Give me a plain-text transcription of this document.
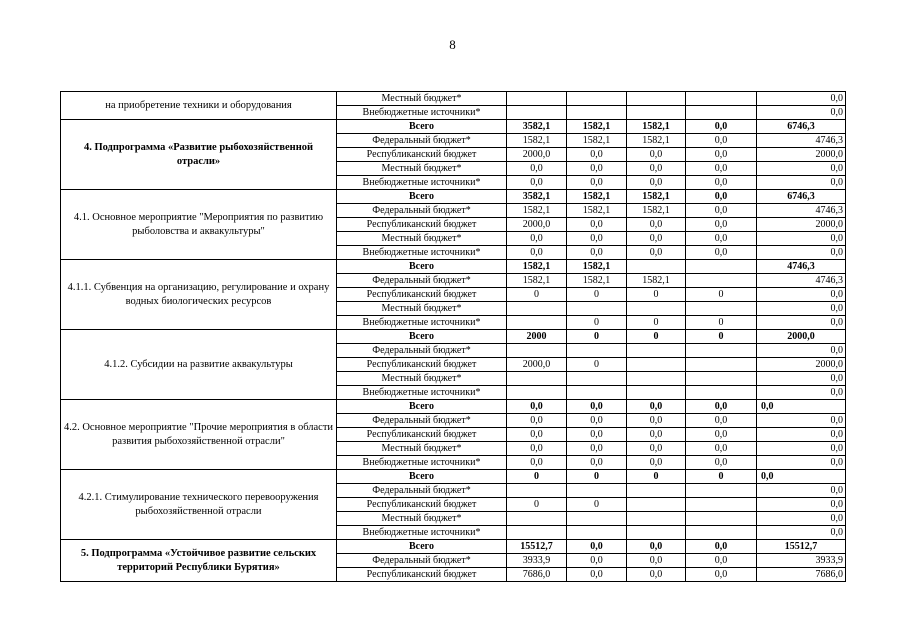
8
на приобретение техники и оборудования	Местный бюджет*					0,0
	Внебюджетные источники*					0,0
4. Подпрограмма «Развитие рыбохозяйственной отрасли»	Всего	3582,1	1582,1	1582,1	0,0	6746,3
	Федеральный бюджет*	1582,1	1582,1	1582,1	0,0	4746,3
	Республиканский бюджет	2000,0	0,0	0,0	0,0	2000,0
	Местный бюджет*	0,0	0,0	0,0	0,0	0,0
	Внебюджетные источники*	0,0	0,0	0,0	0,0	0,0
4.1. Основное мероприятие "Мероприятия по развитию рыболовства и аквакультуры"	Всего	3582,1	1582,1	1582,1	0,0	6746,3
	Федеральный бюджет*	1582,1	1582,1	1582,1	0,0	4746,3
	Республиканский бюджет	2000,0	0,0	0,0	0,0	2000,0
	Местный бюджет*	0,0	0,0	0,0	0,0	0,0
	Внебюджетные источники*	0,0	0,0	0,0	0,0	0,0
4.1.1. Субвенция на организацию, регулирование и охрану водных биологических ресурсов	Всего	1582,1	1582,1			4746,3
	Федеральный бюджет*	1582,1	1582,1	1582,1		4746,3
	Республиканский бюджет	0	0	0	0	0,0
	Местный бюджет*					0,0
	Внебюджетные источники*		0	0	0	0,0
4.1.2. Субсидии на развитие аквакультуры	Всего	2000	0	0	0	2000,0
	Федеральный бюджет*					0,0
	Республиканский бюджет	2000,0	0			2000,0
	Местный бюджет*					0,0
	Внебюджетные источники*					0,0
4.2. Основное мероприятие "Прочие мероприятия в области развития рыбохозяйственной отрасли"	Всего	0,0	0,0	0,0	0,0	0,0
	Федеральный бюджет*	0,0	0,0	0,0	0,0	0,0
	Республиканский бюджет	0,0	0,0	0,0	0,0	0,0
	Местный бюджет*	0,0	0,0	0,0	0,0	0,0
	Внебюджетные источники*	0,0	0,0	0,0	0,0	0,0
4.2.1. Стимулирование технического перевооружения рыбохозяйственной отрасли	Всего	0	0	0	0	0,0
	Федеральный бюджет*					0,0
	Республиканский бюджет	0	0			0,0
	Местный бюджет*					0,0
	Внебюджетные источники*					0,0
5. Подпрограмма «Устойчивое развитие сельских территорий Республики Бурятия»	Всего	15512,7	0,0	0,0	0,0	15512,7
	Федеральный бюджет*	3933,9	0,0	0,0	0,0	3933,9
	Республиканский бюджет	7686,0	0,0	0,0	0,0	7686,0
